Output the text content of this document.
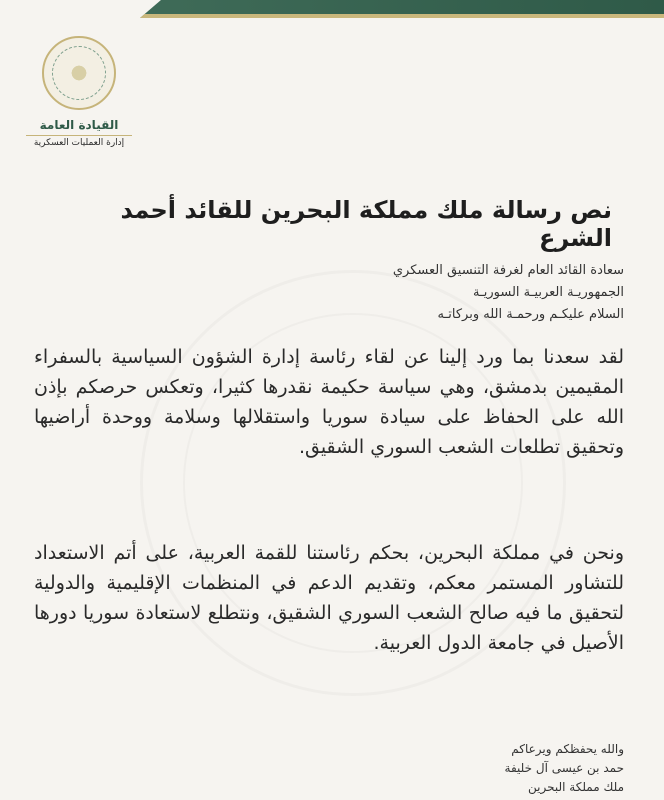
القيادة العامة
إدارة العمليات العسكرية
نص رسالة ملك مملكة البحرين للقائد أحمد الشرع
سعادة القائد العام لغرفة التنسيق العسكري
الجمهوريـة العربيـة السوريـة
السلام عليكـم ورحمـة الله وبركاتـه
لقد سعدنا بما ورد إلينا عن لقاء رئاسة إدارة الشؤون السياسية بالسفراء المقيمين بدمشق، وهي سياسة حكيمة نقدرها كثيرا، وتعكس حرصكم بإذن الله على الحفاظ على سيادة سوريا واستقلالها وسلامة ووحدة أراضيها وتحقيق تطلعات الشعب السوري الشقيق.
ونحن في مملكة البحرين، بحكم رئاستنا للقمة العربية، على أتم الاستعداد للتشاور المستمر معكم، وتقديم الدعم في المنظمات الإقليمية والدولية لتحقيق ما فيه صالح الشعب السوري الشقيق، ونتطلع لاستعادة سوريا دورها الأصيل في جامعة الدول العربية.
والله يحفظكم ويرعاكم
حمد بن عيسى آل خليفة
ملك مملكة البحرين
